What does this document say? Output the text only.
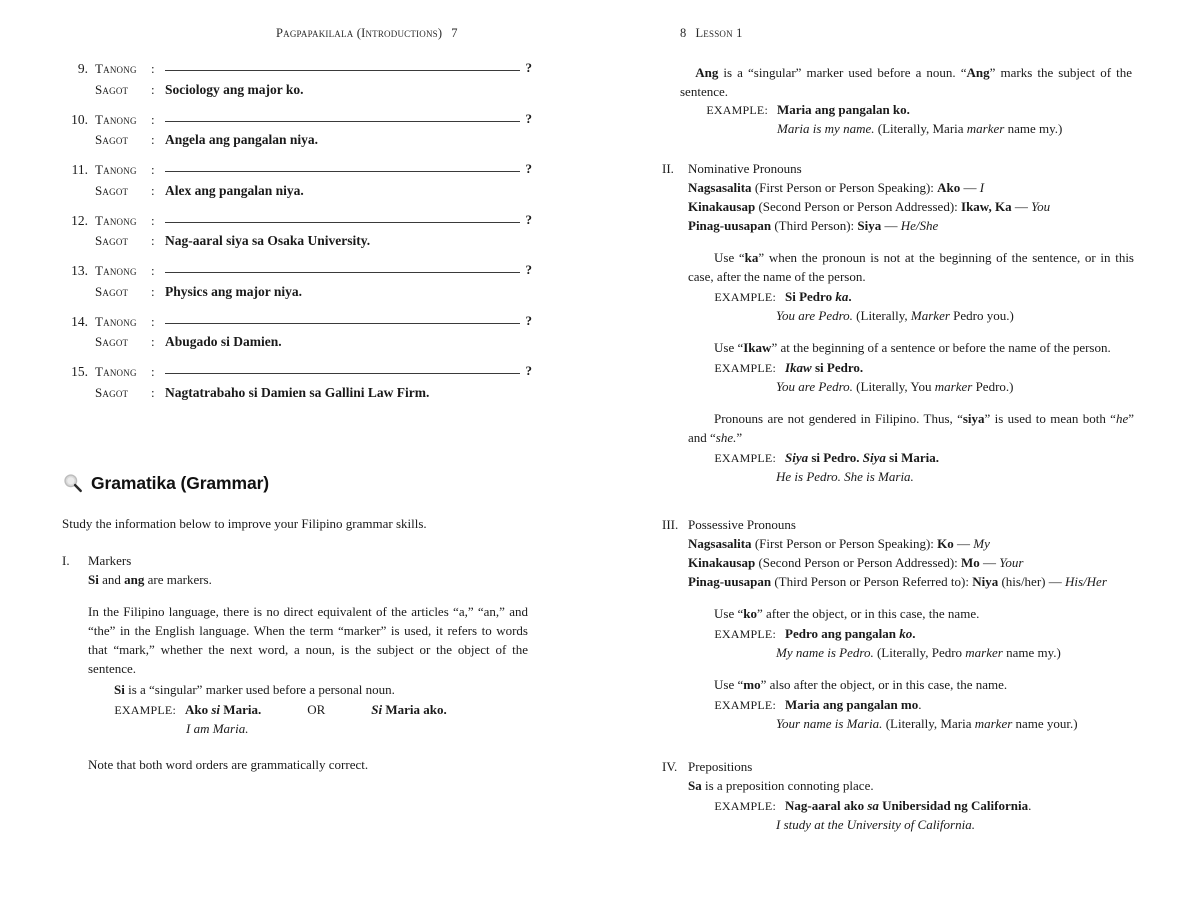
Pagpapakilala (Introductions) 7
9. Tanong	:	?
Sagot	: Sociology ang major ko.
10. Tanong	:	?
Sagot	: Angela ang pangalan niya.
11. Tanong	:	?
Sagot	: Alex ang pangalan niya.
12. Tanong	:	?
Sagot	: Nag-aaral siya sa Osaka University.
13. Tanong	:	?
Sagot	: Physics ang major niya.
14. Tanong	:	?
Sagot	: Abugado si Damien.
15. Tanong	:	?
Sagot	: Nagtatrabaho si Damien sa Gallini Law Firm.
Gramatika (Grammar)
Study the information below to improve your Filipino grammar skills.
I.	Markers
Si and ang are markers.
In the Filipino language, there is no direct equivalent of the articles “a,” “an,” and “the” in the English language. When the term “marker” is used, it refers to words that “mark,” whether the next word, a noun, is the subject or the object of the sentence.
Si is a “singular” marker used before a personal noun.
EXAMPLE: Ako si Maria.	OR	Si Maria ako.
I am Maria.
Note that both word orders are grammatically correct.
8 Lesson 1
Ang is a “singular” marker used before a noun. “Ang” marks the subject of the sentence.
EXAMPLE: Maria ang pangalan ko.
Maria is my name. (Literally, Maria marker name my.)
II.	Nominative Pronouns
Nagsasalita (First Person or Person Speaking): Ako — I
Kinakausap (Second Person or Person Addressed): Ikaw, Ka — You
Pinag-uusapan (Third Person): Siya — He/She
Use “ka” when the pronoun is not at the beginning of the sentence, or in this case, after the name of the person.
EXAMPLE: Si Pedro ka.
You are Pedro. (Literally, Marker Pedro you.)
Use “Ikaw” at the beginning of a sentence or before the name of the person.
EXAMPLE: Ikaw si Pedro.
You are Pedro. (Literally, You marker Pedro.)
Pronouns are not gendered in Filipino. Thus, “siya” is used to mean both “he” and “she.”
EXAMPLE: Siya si Pedro. Siya si Maria.
He is Pedro. She is Maria.
III. Possessive Pronouns
Nagsasalita (First Person or Person Speaking): Ko — My
Kinakausap (Second Person or Person Addressed): Mo — Your
Pinag-uusapan (Third Person or Person Referred to): Niya (his/her) — His/Her
Use “ko” after the object, or in this case, the name.
EXAMPLE: Pedro ang pangalan ko.
My name is Pedro. (Literally, Pedro marker name my.)
Use “mo” also after the object, or in this case, the name.
EXAMPLE: Maria ang pangalan mo.
Your name is Maria. (Literally, Maria marker name your.)
IV. Prepositions
Sa is a preposition connoting place.
EXAMPLE: Nag-aaral ako sa Unibersidad ng California.
I study at the University of California.
